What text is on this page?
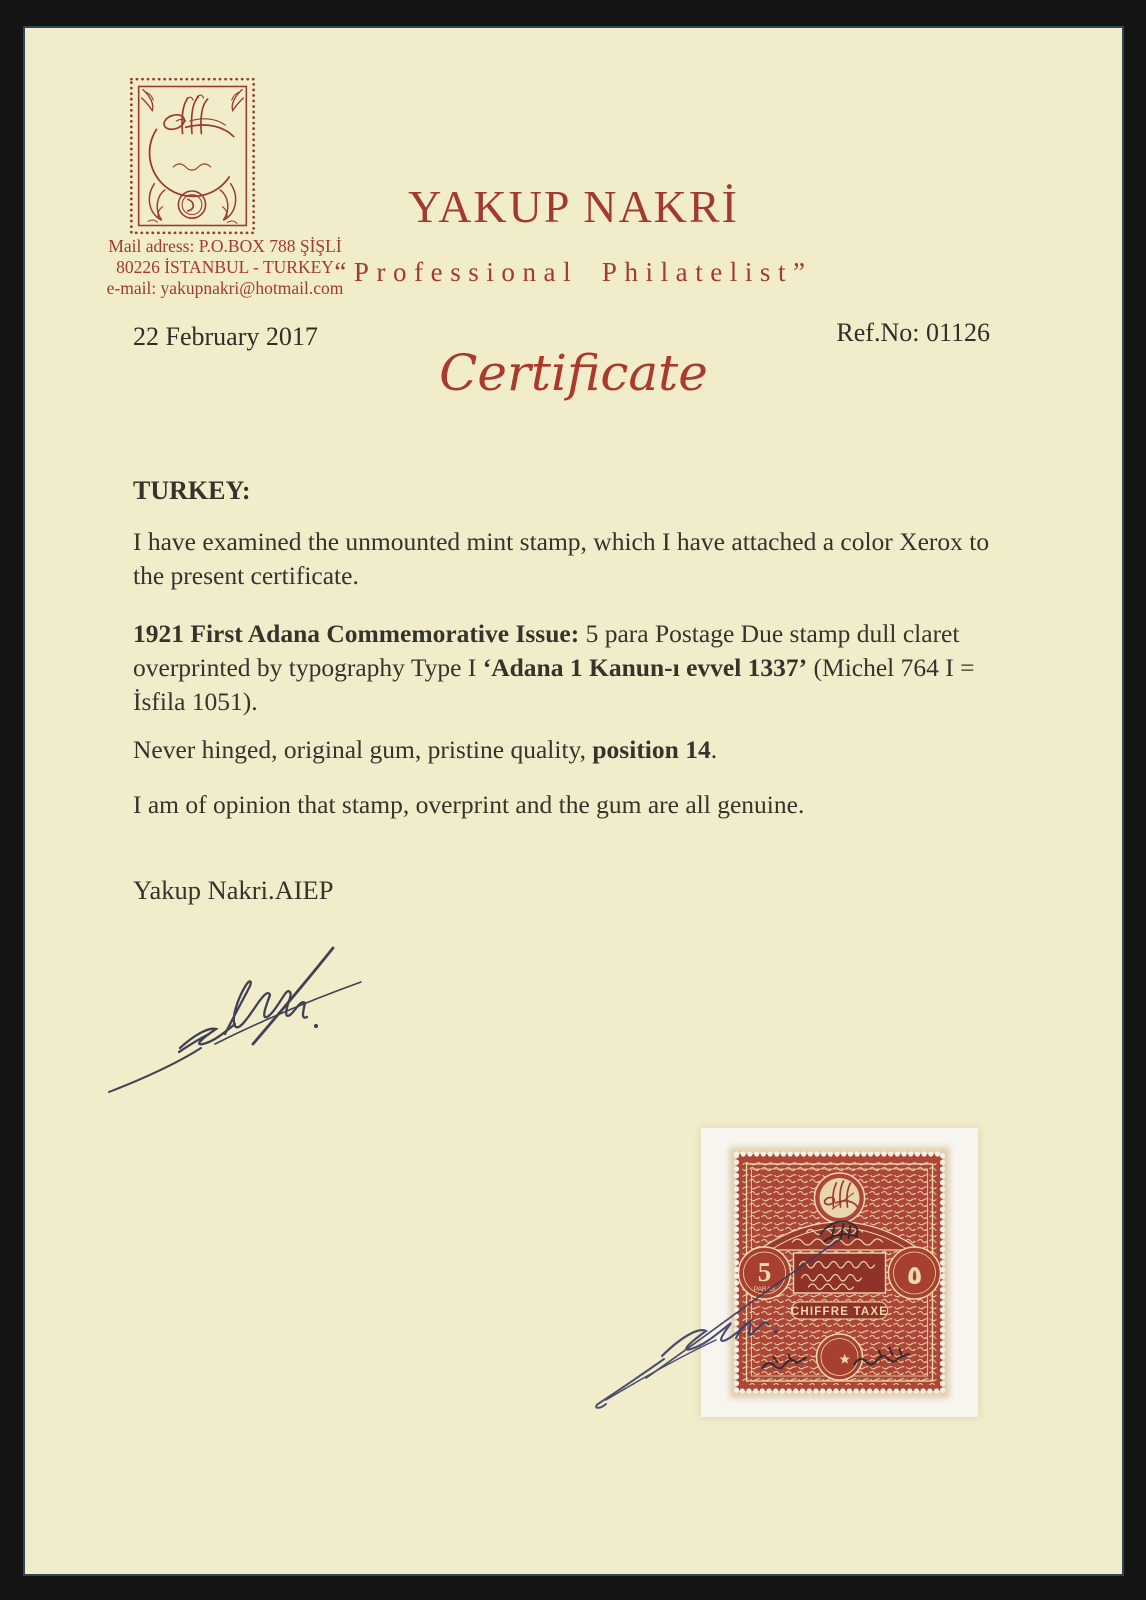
Mail adress: P.O.BOX 788 ŞİŞLİ
80226 İSTANBUL - TURKEY
e-mail: yakupnakri@hotmail.com
YAKUP NAKRİ
“Professional Philatelist”
22 February 2017	Ref.No: 01126
Certificate
TURKEY:
I have examined the unmounted mint stamp, which I have attached a color Xerox to the present certificate.
1921 First Adana Commemorative Issue: 5 para Postage Due stamp dull claret overprinted by typography Type I ‘Adana 1 Kanun-ı evvel 1337’ (Michel 764 I = İsfila 1051).
Never hinged, original gum, pristine quality, position 14.
I am of opinion that stamp, overprint and the gum are all genuine.
Yakup Nakri.AIEP
5
PARAS	٥
CHIFFRE TAXE
